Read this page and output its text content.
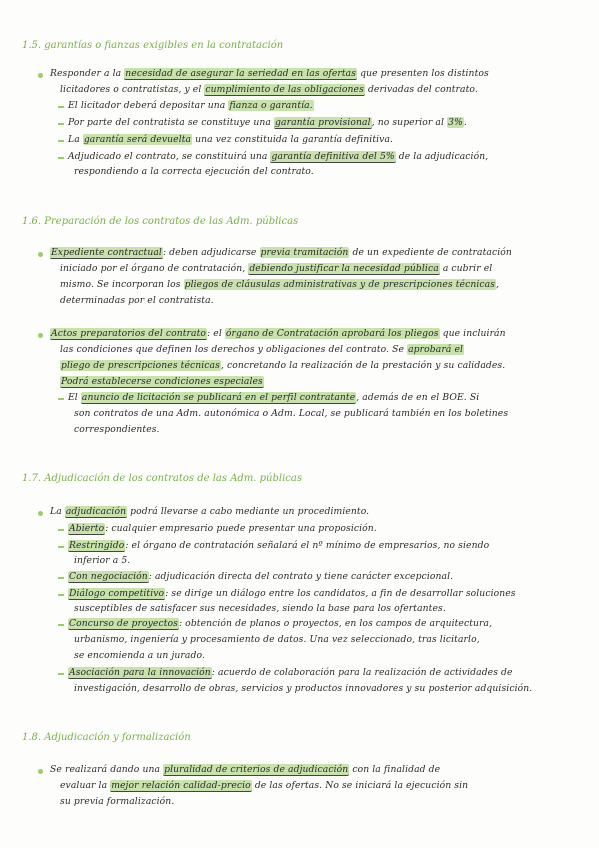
1.5. garantías o fianzas exigibles en la contratación
Responder a la necesidad de asegurar la seriedad en las ofertas que presenten los distintos
licitadores o contratistas, y el cumplimiento de las obligaciones derivadas del contrato.
El licitador deberá depositar una fianza o garantía.
Por parte del contratista se constituye una garantía provisional, no superior al 3%.
La garantía será devuelta una vez constituida la garantía definitiva.
Adjudicado el contrato, se constituirá una garantía definitiva del 5% de la adjudicación,
respondiendo a la correcta ejecución del contrato.
1.6. Preparación de los contratos de las Adm. públicas
Expediente contractual: deben adjudicarse previa tramitación de un expediente de contratación
iniciado por el órgano de contratación, debiendo justificar la necesidad pública a cubrir el
mismo. Se incorporan los pliegos de cláusulas administrativas y de prescripciones técnicas,
determinadas por el contratista.
Actos preparatorios del contrato: el órgano de Contratación aprobará los pliegos que incluirán
las condiciones que definen los derechos y obligaciones del contrato. Se aprobará el
pliego de prescripciones técnicas, concretando la realización de la prestación y su calidades.
Podrá establecerse condiciones especiales
El anuncio de licitación se publicará en el perfil contratante, además de en el BOE. Si
son contratos de una Adm. autonómica o Adm. Local, se publicará también en los boletines
correspondientes.
1.7. Adjudicación de los contratos de las Adm. públicas
La adjudicación podrá llevarse a cabo mediante un procedimiento.
Abierto: cualquier empresario puede presentar una proposición.
Restringido: el órgano de contratación señalará el nº mínimo de empresarios, no siendo
inferior a 5.
Con negociación: adjudicación directa del contrato y tiene carácter excepcional.
Diálogo competitivo: se dirige un diálogo entre los candidatos, a fin de desarrollar soluciones
susceptibles de satisfacer sus necesidades, siendo la base para los ofertantes.
Concurso de proyectos: obtención de planos o proyectos, en los campos de arquitectura,
urbanismo, ingeniería y procesamiento de datos. Una vez seleccionado, tras licitarlo,
se encomienda a un jurado.
Asociación para la innovación: acuerdo de colaboración para la realización de actividades de
investigación, desarrollo de obras, servicios y productos innovadores y su posterior adquisición.
1.8. Adjudicación y formalización
Se realizará dando una pluralidad de criterios de adjudicación con la finalidad de
evaluar la mejor relación calidad-precio de las ofertas. No se iniciará la ejecución sin
su previa formalización.
